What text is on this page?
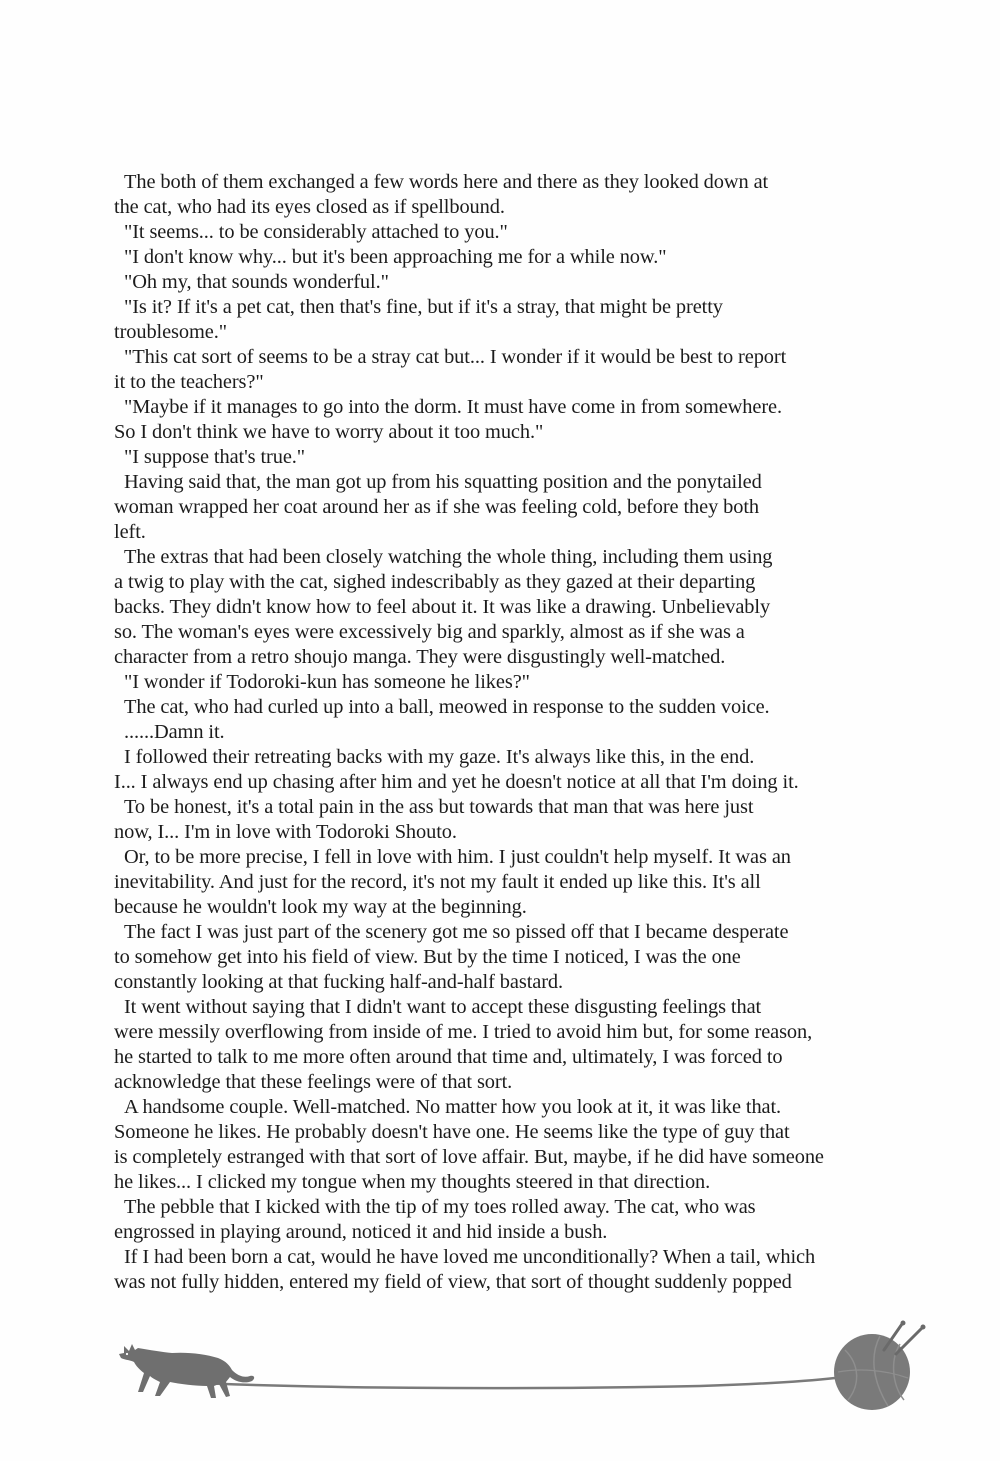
The both of them exchanged a few words here and there as they looked down at
the cat, who had its eyes closed as if spellbound.
"It seems... to be considerably attached to you."
"I don't know why... but it's been approaching me for a while now."
"Oh my, that sounds wonderful."
"Is it? If it's a pet cat, then that's fine, but if it's a stray, that might be pretty
troublesome."
"This cat sort of seems to be a stray cat but... I wonder if it would be best to report
it to the teachers?"
"Maybe if it manages to go into the dorm. It must have come in from somewhere.
So I don't think we have to worry about it too much."
"I suppose that's true."
Having said that, the man got up from his squatting position and the ponytailed
woman wrapped her coat around her as if she was feeling cold, before they both
left.
The extras that had been closely watching the whole thing, including them using
a twig to play with the cat, sighed indescribably as they gazed at their departing
backs. They didn't know how to feel about it. It was like a drawing. Unbelievably
so. The woman's eyes were excessively big and sparkly, almost as if she was a
character from a retro shoujo manga. They were disgustingly well-matched.
"I wonder if Todoroki-kun has someone he likes?"
The cat, who had curled up into a ball, meowed in response to the sudden voice.
......Damn it.
I followed their retreating backs with my gaze. It's always like this, in the end.
I... I always end up chasing after him and yet he doesn't notice at all that I'm doing it.
To be honest, it's a total pain in the ass but towards that man that was here just
now, I... I'm in love with Todoroki Shouto.
Or, to be more precise, I fell in love with him. I just couldn't help myself. It was an
inevitability. And just for the record, it's not my fault it ended up like this. It's all
because he wouldn't look my way at the beginning.
The fact I was just part of the scenery got me so pissed off that I became desperate
to somehow get into his field of view. But by the time I noticed, I was the one
constantly looking at that fucking half-and-half bastard.
It went without saying that I didn't want to accept these disgusting feelings that
were messily overflowing from inside of me. I tried to avoid him but, for some reason,
he started to talk to me more often around that time and, ultimately, I was forced to
acknowledge that these feelings were of that sort.
A handsome couple. Well-matched. No matter how you look at it, it was like that.
Someone he likes. He probably doesn't have one. He seems like the type of guy that
is completely estranged with that sort of love affair. But, maybe, if he did have someone
he likes... I clicked my tongue when my thoughts steered in that direction.
The pebble that I kicked with the tip of my toes rolled away. The cat, who was
engrossed in playing around, noticed it and hid inside a bush.
If I had been born a cat, would he have loved me unconditionally? When a tail, which
was not fully hidden, entered my field of view, that sort of thought suddenly popped
